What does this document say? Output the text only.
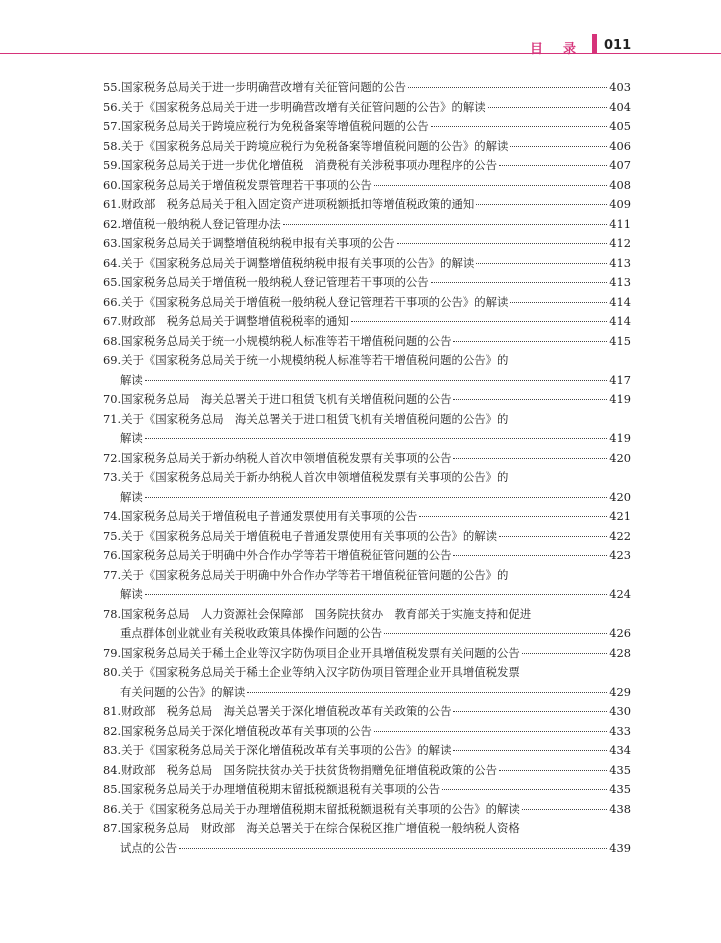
目 录 011
55. 国家税务总局关于进一步明确营改增有关征管问题的公告	403
56. 关于《国家税务总局关于进一步明确营改增有关征管问题的公告》的解读	404
57. 国家税务总局关于跨境应税行为免税备案等增值税问题的公告	405
58. 关于《国家税务总局关于跨境应税行为免税备案等增值税问题的公告》的解读	406
59. 国家税务总局关于进一步优化增值税　消费税有关涉税事项办理程序的公告	407
60. 国家税务总局关于增值税发票管理若干事项的公告	408
61. 财政部　税务总局关于租入固定资产进项税额抵扣等增值税政策的通知	409
62. 增值税一般纳税人登记管理办法	411
63. 国家税务总局关于调整增值税纳税申报有关事项的公告	412
64. 关于《国家税务总局关于调整增值税纳税申报有关事项的公告》的解读	413
65. 国家税务总局关于增值税一般纳税人登记管理若干事项的公告	413
66. 关于《国家税务总局关于增值税一般纳税人登记管理若干事项的公告》的解读	414
67. 财政部　税务总局关于调整增值税税率的通知	414
68. 国家税务总局关于统一小规模纳税人标准等若干增值税问题的公告	415
69. 关于《国家税务总局关于统一小规模纳税人标准等若干增值税问题的公告》的
解读	417
70. 国家税务总局　海关总署关于进口租赁飞机有关增值税问题的公告	419
71. 关于《国家税务总局　海关总署关于进口租赁飞机有关增值税问题的公告》的
解读	419
72. 国家税务总局关于新办纳税人首次申领增值税发票有关事项的公告	420
73. 关于《国家税务总局关于新办纳税人首次申领增值税发票有关事项的公告》的
解读	420
74. 国家税务总局关于增值税电子普通发票使用有关事项的公告	421
75. 关于《国家税务总局关于增值税电子普通发票使用有关事项的公告》的解读	422
76. 国家税务总局关于明确中外合作办学等若干增值税征管问题的公告	423
77. 关于《国家税务总局关于明确中外合作办学等若干增值税征管问题的公告》的
解读	424
78. 国家税务总局　人力资源社会保障部　国务院扶贫办　教育部关于实施支持和促进
重点群体创业就业有关税收政策具体操作问题的公告	426
79. 国家税务总局关于稀土企业等汉字防伪项目企业开具增值税发票有关问题的公告	428
80. 关于《国家税务总局关于稀土企业等纳入汉字防伪项目管理企业开具增值税发票
有关问题的公告》的解读	429
81. 财政部　税务总局　海关总署关于深化增值税改革有关政策的公告	430
82. 国家税务总局关于深化增值税改革有关事项的公告	433
83. 关于《国家税务总局关于深化增值税改革有关事项的公告》的解读	434
84. 财政部　税务总局　国务院扶贫办关于扶贫货物捐赠免征增值税政策的公告	435
85. 国家税务总局关于办理增值税期末留抵税额退税有关事项的公告	435
86. 关于《国家税务总局关于办理增值税期末留抵税额退税有关事项的公告》的解读	438
87. 国家税务总局　财政部　海关总署关于在综合保税区推广增值税一般纳税人资格
试点的公告	439
